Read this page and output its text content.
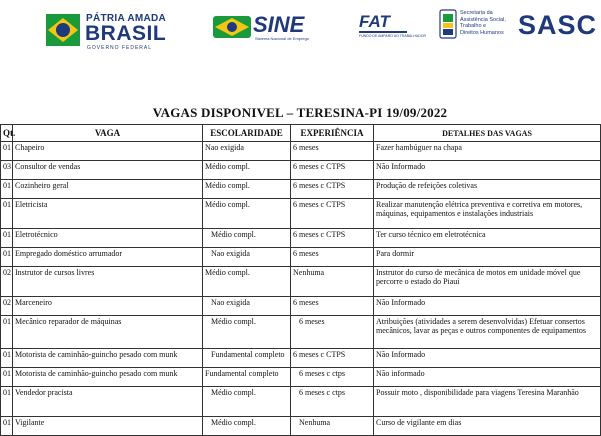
PÁTRIA AMADA
BRASIL
GOVERNO FEDERAL
SINE
Sistema Nacional de Emprego
FAT
FUNDO DE AMPARO AO TRABALHADOR
Secretaria da
Assistência Social,
Trabalho e
Direitos Humanos SASC
VAGAS DISPONIVEL – TERESINA-PI 19/09/2022
Qt.	VAGA	ESCOLARIDADE	EXPERIÊNCIA	DETALHES DAS VAGAS
01	Chapeiro	Nao exigida	6 meses	Fazer hambúguer na chapa
03	Consultor de vendas	Médio compl.	6 meses c CTPS	Não Informado
01	Cozinheiro geral	Médio compl.	6 meses c CTPS	Produção de refeições coletivas
01	Eletricista	Médio compl.	6 meses c CTPS	Realizar manutenção elétrica preventiva e corretiva em motores, máquinas, equipamentos e instalações industriais
01	Eletrotécnico	Médio compl.	6 meses c CTPS	Ter curso técnico em eletrotécnica
01	Empregado doméstico arrumador	Nao exigida	6 meses	Para dormir
02	Instrutor de cursos livres	Médio compl.	Nenhuma	Instrutor do curso de mecânica de motos em unidade móvel que percorre o estado do Piauí
02	Marceneiro	Nao exigida	6 meses	Não Informado
01	Mecânico reparador de máquinas	Médio compl.	6 meses	Atribuições (atividades a serem desenvolvidas) Efetuar consertos mecânicos, lavar as peças e outros componentes de equipamentos
01	Motorista de caminhão-guincho pesado com munk	Fundamental completo	6 meses c CTPS	Não Informado
01	Motorista de caminhão-guincho pesado com munk	Fundamental completo	6 meses c ctps	Não informado
01	Vendedor pracista	Médio compl.	6 meses c ctps	Possuir moto , disponibilidade para viagens Teresina Maranhão
01	Vigilante	Médio compl.	Nenhuma	Curso de vigilante em dias
